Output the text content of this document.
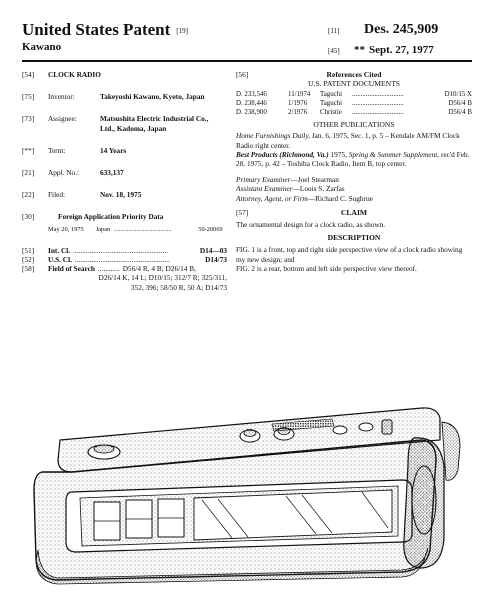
United States Patent [19]
Kawano
[11]	Des. 245,909
[45]	** Sept. 27, 1977
[54]	CLOCK RADIO
[75]	Inventor:	Takeyoshi Kawano, Kyoto, Japan
[73]	Assignee:	Matsushita Electric Industrial Co.,
Ltd., Kadoma, Japan
[**]	Term:	14 Years
[21]	Appl. No.:	633,137
[22]	Filed:	Nov. 18, 1975
[30]	Foreign Application Priority Data
May 20, 1975 Japan ....................................	50-20069
[51]	Int. Cl. ....................................................	D14—03
[52]	U.S. Cl. ....................................................	D14/73
[58]	Field of Search ............ D56/4 R, 4 B; D26/14 B,
D26/14 K, 14 L; D10/15; 312/7 R; 325/311,
352, 396; 58/50 R, 50 A; D14/73
[56]	References Cited
U.S. PATENT DOCUMENTS
D. 233,546	11/1974	Taguchi	..............................	D10/15 X
D. 238,446	1/1976	Taguchi	..............................	D56/4 B
D. 238,900	2/1976	Christie	..............................	D56/4 B
OTHER PUBLICATIONS
Home Furnishings Daily, Jan. 6, 1975, Sec. 1, p. 5 – Kendale AM/FM Clock Radio right center.
Best Products (Richmond, Va.) 1975, Spring & Summer Supplement, rec'd Feb. 28, 1975, p. 42 – Toshiba Clock Radio, Item B, top center.
Primary Examiner—Joel Stearman
Assistant Examiner—Louis S. Zarfas
Attorney, Agent, or Firm—Richard C. Sughrue
[57]	CLAIM
The ornamental design for a clock radio, as shown.
DESCRIPTION
FIG. 1 is a front, top and right side perspective view of a clock radio showing my new design; and
FIG. 2 is a rear, bottom and left side perspective view thereof.
